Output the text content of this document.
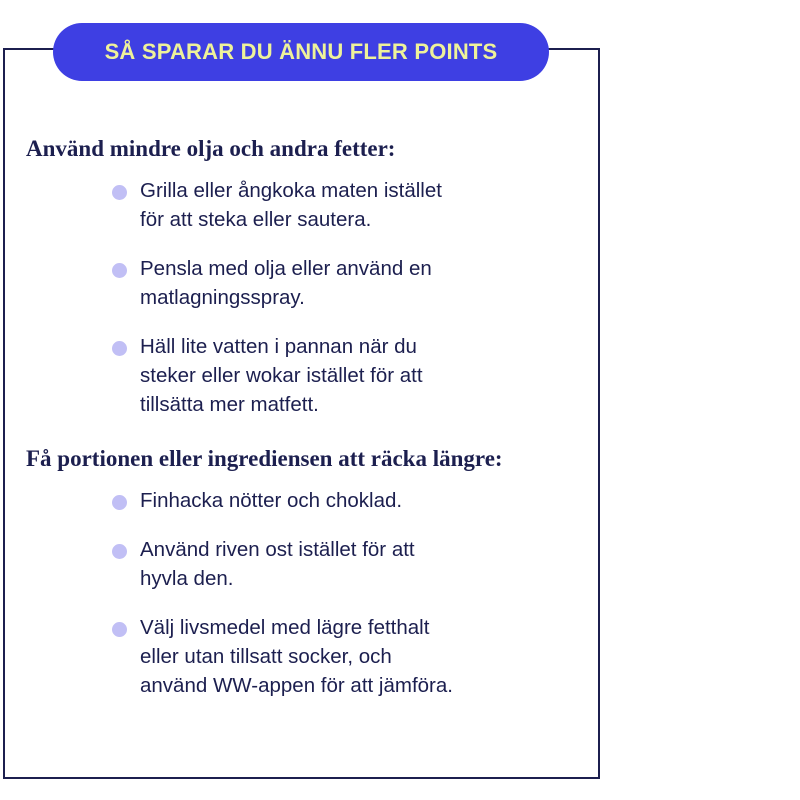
SÅ SPARAR DU ÄNNU FLER POINTS
Använd mindre olja och andra fetter:
Grilla eller ångkoka maten istället
för att steka eller sautera.
Pensla med olja eller använd en
matlagningsspray.
Häll lite vatten i pannan när du
steker eller wokar istället för att
tillsätta mer matfett.
Få portionen eller ingrediensen att räcka längre:
Finhacka nötter och choklad.
Använd riven ost istället för att
hyvla den.
Välj livsmedel med lägre fetthalt
eller utan tillsatt socker, och
använd WW-appen för att jämföra.
